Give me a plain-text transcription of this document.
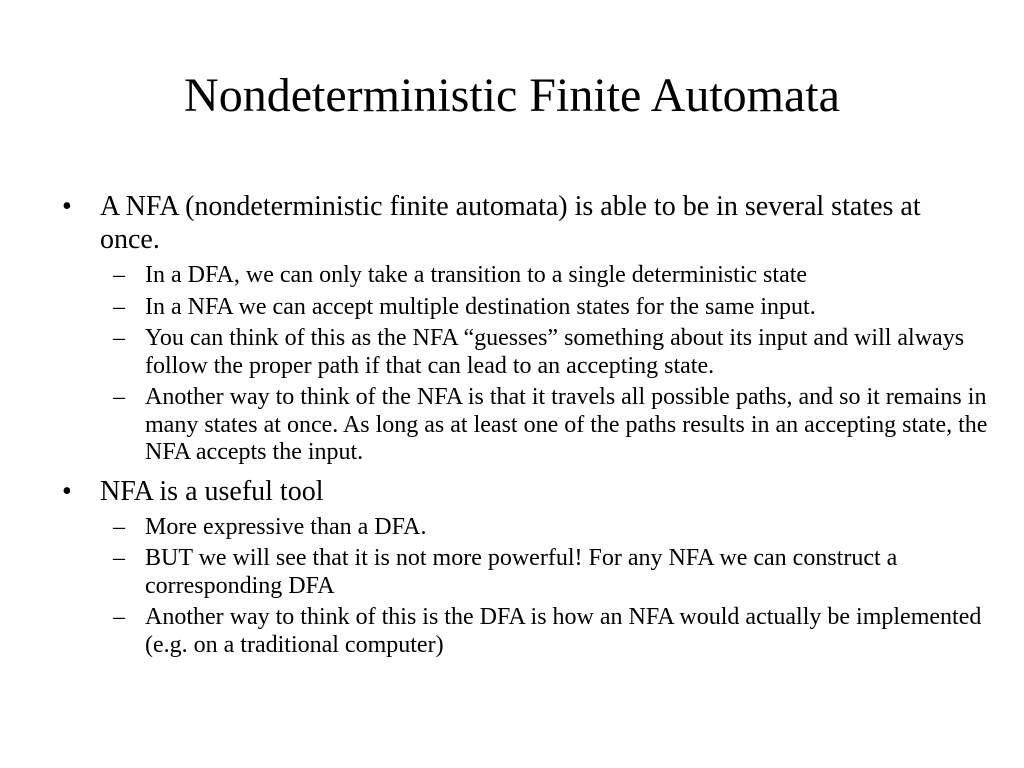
Nondeterministic Finite Automata
• A NFA (nondeterministic finite automata) is able to be in several states at once.
– In a DFA, we can only take a transition to a single deterministic state
– In a NFA we can accept multiple destination states for the same input.
– You can think of this as the NFA “guesses” something about its input and will always follow the proper path if that can lead to an accepting state.
– Another way to think of the NFA is that it travels all possible paths, and so it remains in many states at once. As long as at least one of the paths results in an accepting state, the NFA accepts the input.
• NFA is a useful tool
– More expressive than a DFA.
– BUT we will see that it is not more powerful! For any NFA we can construct a corresponding DFA
– Another way to think of this is the DFA is how an NFA would actually be implemented (e.g. on a traditional computer)
